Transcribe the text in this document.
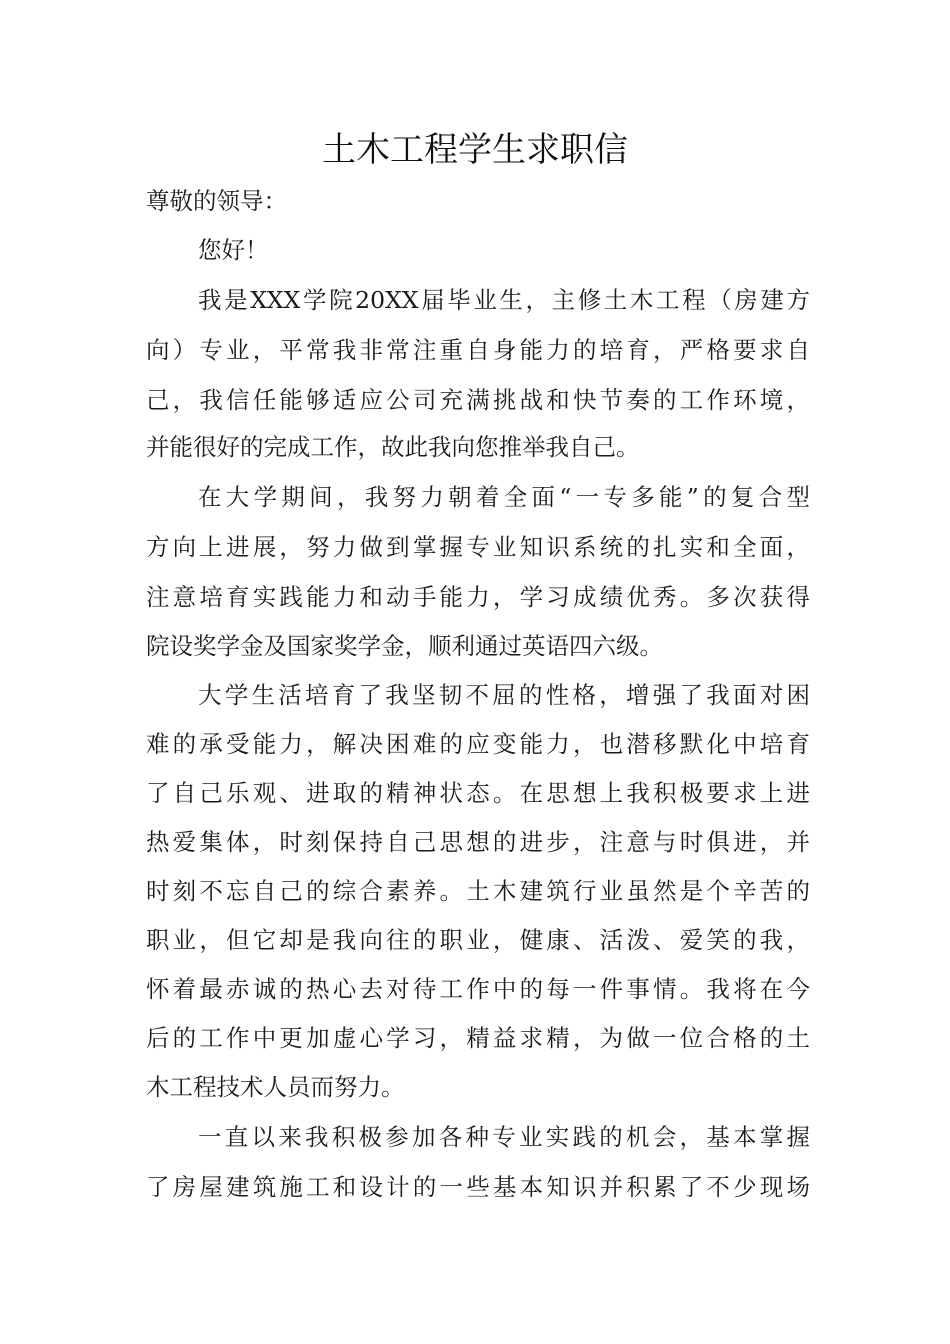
土木工程学生求职信
尊敬的领导：
您好！
我是XXX学院20XX届毕业生，主修土木工程（房建方
向）专业，平常我非常注重自身能力的培育，严格要求自
己，我信任能够适应公司充满挑战和快节奏的工作环境，
并能很好的完成工作，故此我向您推举我自己。
在大学期间，我努力朝着全面“一专多能”的复合型
方向上进展，努力做到掌握专业知识系统的扎实和全面，
注意培育实践能力和动手能力，学习成绩优秀。多次获得
院设奖学金及国家奖学金，顺利通过英语四六级。
大学生活培育了我坚韧不屈的性格，增强了我面对困
难的承受能力，解决困难的应变能力，也潜移默化中培育
了自己乐观、进取的精神状态。在思想上我积极要求上进
热爱集体，时刻保持自己思想的进步，注意与时俱进，并
时刻不忘自己的综合素养。土木建筑行业虽然是个辛苦的
职业，但它却是我向往的职业，健康、活泼、爱笑的我，
怀着最赤诚的热心去对待工作中的每一件事情。我将在今
后的工作中更加虚心学习，精益求精，为做一位合格的土
木工程技术人员而努力。
一直以来我积极参加各种专业实践的机会，基本掌握
了房屋建筑施工和设计的一些基本知识并积累了不少现场
